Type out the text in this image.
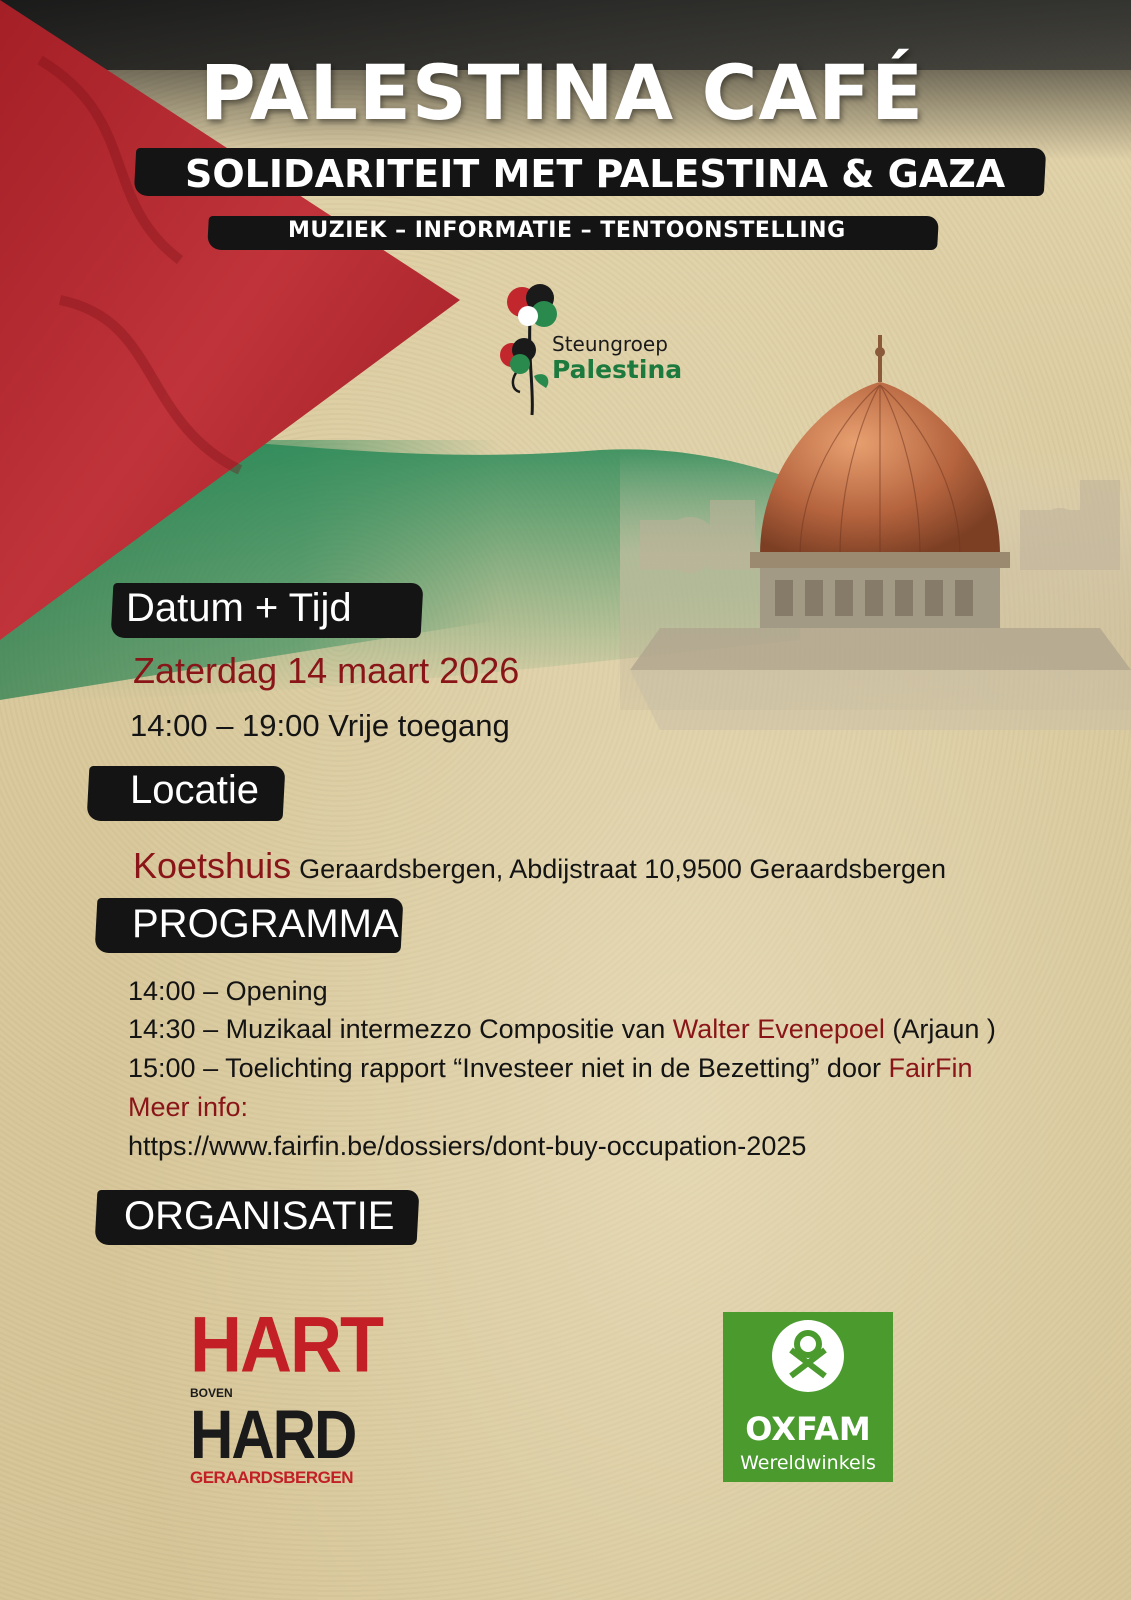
PALESTINA CAFÉ
SOLIDARITEIT MET PALESTINA & GAZA
MUZIEK – INFORMATIE – TENTOONSTELLING
Steungroep
Palestina
Datum + Tijd
Zaterdag 14 maart 2026
14:00 – 19:00 Vrije toegang
Locatie
Koetshuis Geraardsbergen, Abdijstraat 10,9500 Geraardsbergen
PROGRAMMA
14:00 – Opening
14:30 – Muzikaal intermezzo Compositie van Walter Evenepoel (Arjaun )
15:00 – Toelichting rapport “Investeer niet in de Bezetting” door FairFin
Meer info:
https://www.fairfin.be/dossiers/dont-buy-occupation-2025
ORGANISATIE
HART
BOVEN
HARD
GERAARDSBERGEN
OXFAM
Wereldwinkels
